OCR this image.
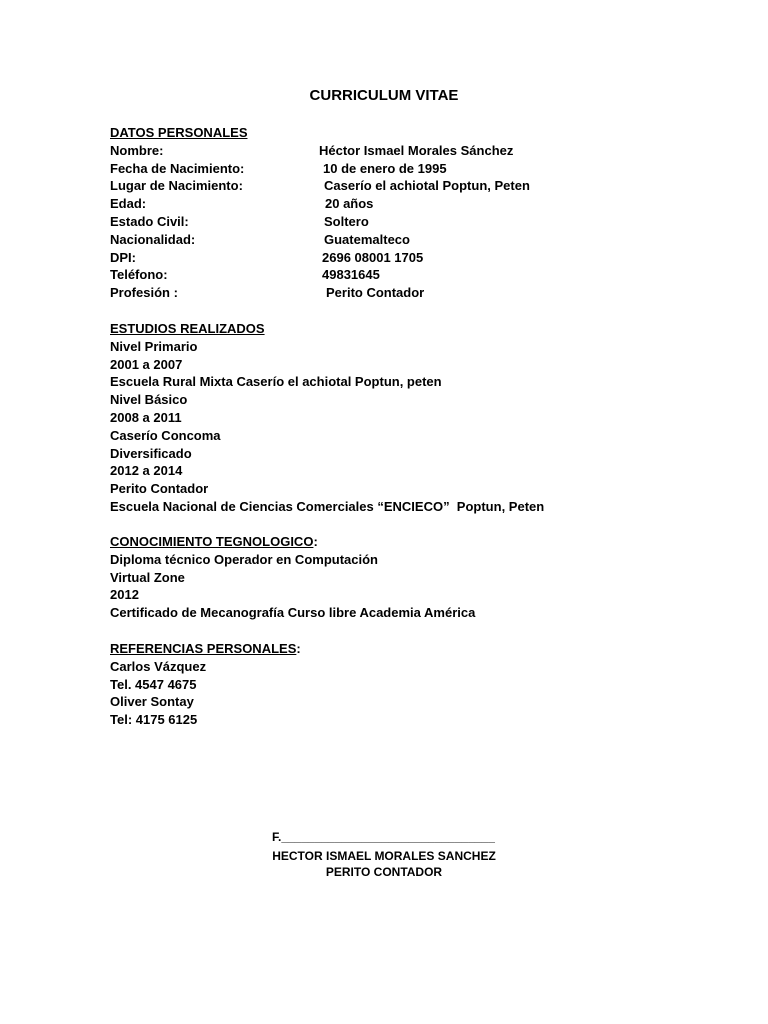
CURRICULUM VITAE
DATOS PERSONALES
Nombre:	Héctor Ismael Morales Sánchez
Fecha de Nacimiento:	10 de enero de 1995
Lugar de Nacimiento:	Caserío el achiotal Poptun, Peten
Edad:	20 años
Estado Civil:	Soltero
Nacionalidad:	Guatemalteco
DPI:	2696 08001 1705
Teléfono:	49831645
Profesión :	Perito Contador
ESTUDIOS REALIZADOS
Nivel Primario
2001 a 2007
Escuela Rural Mixta Caserío el achiotal Poptun, peten
Nivel Básico
2008 a 2011
Caserío Concoma
Diversificado
2012 a 2014
Perito Contador
Escuela Nacional de Ciencias Comerciales “ENCIECO”  Poptun, Peten
CONOCIMIENTO TEGNOLOGICO:
Diploma técnico Operador en Computación
Virtual Zone
2012
Certificado de Mecanografía Curso libre Academia América
REFERENCIAS PERSONALES:
Carlos Vázquez
Tel. 4547 4675
Oliver Sontay
Tel: 4175 6125
F.________________________________
HECTOR ISMAEL MORALES SANCHEZ
PERITO CONTADOR
